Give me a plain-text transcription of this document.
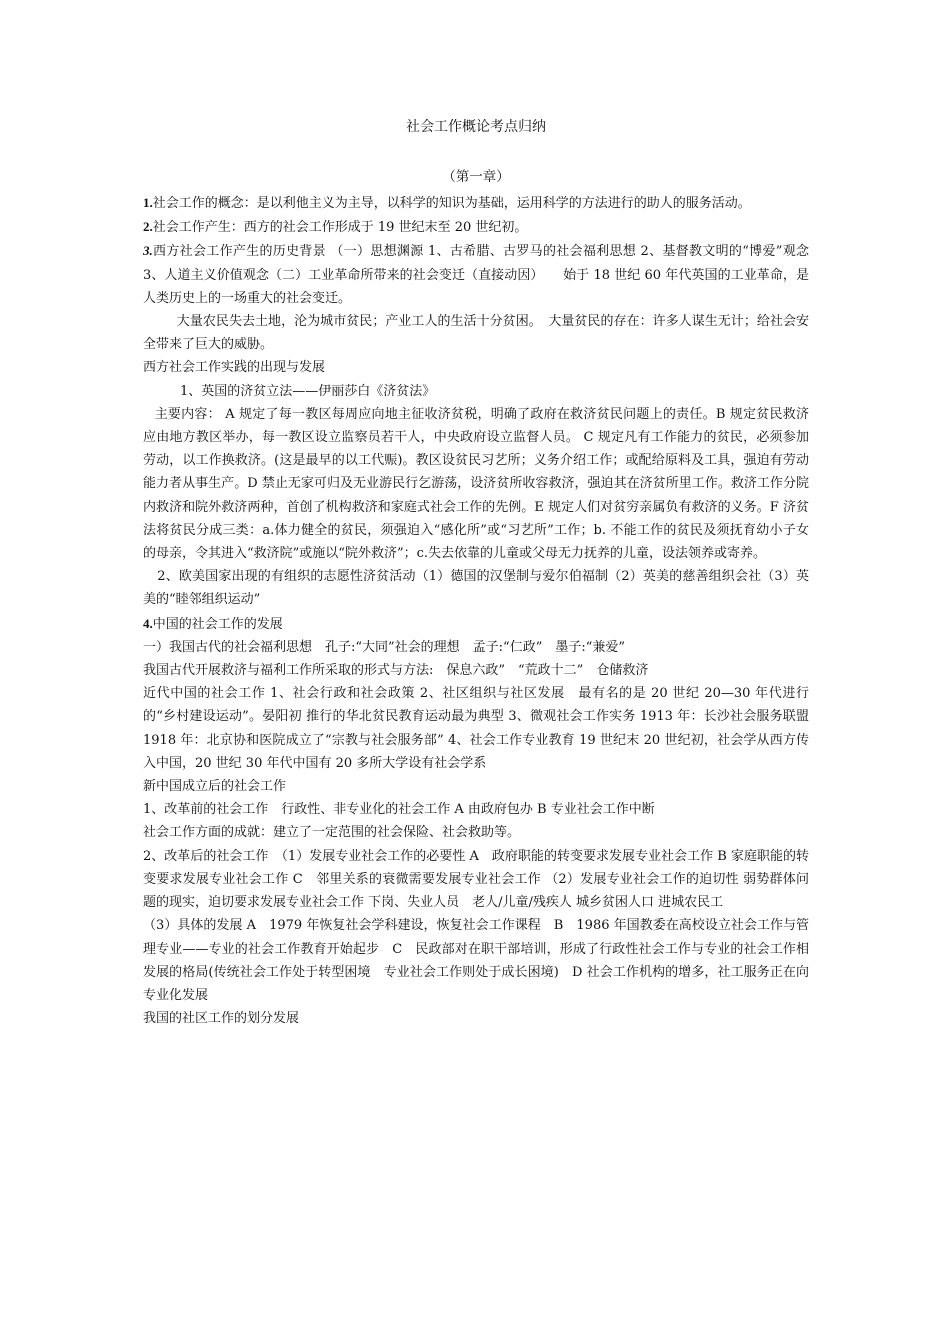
社会工作概论考点归纳
（第一章）

1.社会工作的概念：是以利他主义为主导，以科学的知识为基础，运用科学的方法进行的助人的服务活动。

2.社会工作产生：西方的社会工作形成于 19 世纪末至 20 世纪初。

3.西方社会工作产生的历史背景 （一）思想渊源 1、古希腊、古罗马的社会福利思想 2、基督教文明的“博爱”观念 3、人道主义价值观念（二）工业革命所带来的社会变迁（直接动因）　　始于 18 世纪 60 年代英国的工业革命，是人类历史上的一场重大的社会变迁。

大量农民失去土地，沦为城市贫民；产业工人的生活十分贫困。　大量贫民的存在：许多人谋生无计；给社会安全带来了巨大的威胁。

西方社会工作实践的出现与发展

1、英国的济贫立法——伊丽莎白《济贫法》

主要内容： A 规定了每一教区每周应向地主征收济贫税，明确了政府在救济贫民问题上的责任。B 规定贫民救济应由地方教区举办，每一教区设立监察员若干人，中央政府设立监督人员。 C 规定凡有工作能力的贫民，必须参加劳动，以工作换救济。(这是最早的以工代赈)。教区设贫民习艺所；义务介绍工作；或配给原料及工具，强迫有劳动能力者从事生产。D 禁止无家可归及无业游民行乞游荡，设济贫所收容救济，强迫其在济贫所里工作。救济工作分院内救济和院外救济两种，首创了机构救济和家庭式社会工作的先例。E 规定人们对贫穷亲属负有救济的义务。F 济贫法将贫民分成三类：a.体力健全的贫民，须强迫入“感化所”或“习艺所”工作；b. 不能工作的贫民及须抚育幼小子女的母亲，令其进入“救济院”或施以“院外救济”；c.失去依靠的儿童或父母无力抚养的儿童，设法领养或寄养。

2、欧美国家出现的有组织的志愿性济贫活动（1）德国的汉堡制与爱尔伯福制（2）英美的慈善组织会社（3）英美的“睦邻组织运动”

4.中国的社会工作的发展

一）我国古代的社会福利思想　孔子:“大同”社会的理想　孟子:“仁政”　墨子:“兼爱”

我国古代开展救济与福利工作所采取的形式与方法:　保息六政”　“荒政十二”　仓储救济

近代中国的社会工作 1、社会行政和社会政策 2、社区组织与社区发展　最有名的是 20 世纪 20—30 年代进行的“乡村建设运动”。晏阳初 推行的华北贫民教育运动最为典型 3、微观社会工作实务 1913 年：长沙社会服务联盟　1918 年：北京协和医院成立了“宗教与社会服务部” 4、社会工作专业教育 19 世纪末 20 世纪初，社会学从西方传入中国，20 世纪 30 年代中国有 20 多所大学设有社会学系

新中国成立后的社会工作

1、改革前的社会工作　行政性、非专业化的社会工作 A 由政府包办 B 专业社会工作中断

社会工作方面的成就：建立了一定范围的社会保险、社会救助等。

2、改革后的社会工作　（1）发展专业社会工作的必要性 A　政府职能的转变要求发展专业社会工作 B 家庭职能的转变要求发展专业社会工作 C　邻里关系的衰微需要发展专业社会工作 （2）发展专业社会工作的迫切性 弱势群体问题的现实，迫切要求发展专业社会工作 下岗、失业人员　老人/儿童/残疾人 城乡贫困人口 进城农民工

（3）具体的发展 A　1979 年恢复社会学科建设，恢复社会工作课程　B　1986 年国教委在高校设立社会工作与管理专业——专业的社会工作教育开始起步　C　民政部对在职干部培训，形成了行政性社会工作与专业的社会工作相发展的格局(传统社会工作处于转型困境　专业社会工作则处于成长困境)　D 社会工作机构的增多，社工服务正在向专业化发展

我国的社区工作的划分发展
